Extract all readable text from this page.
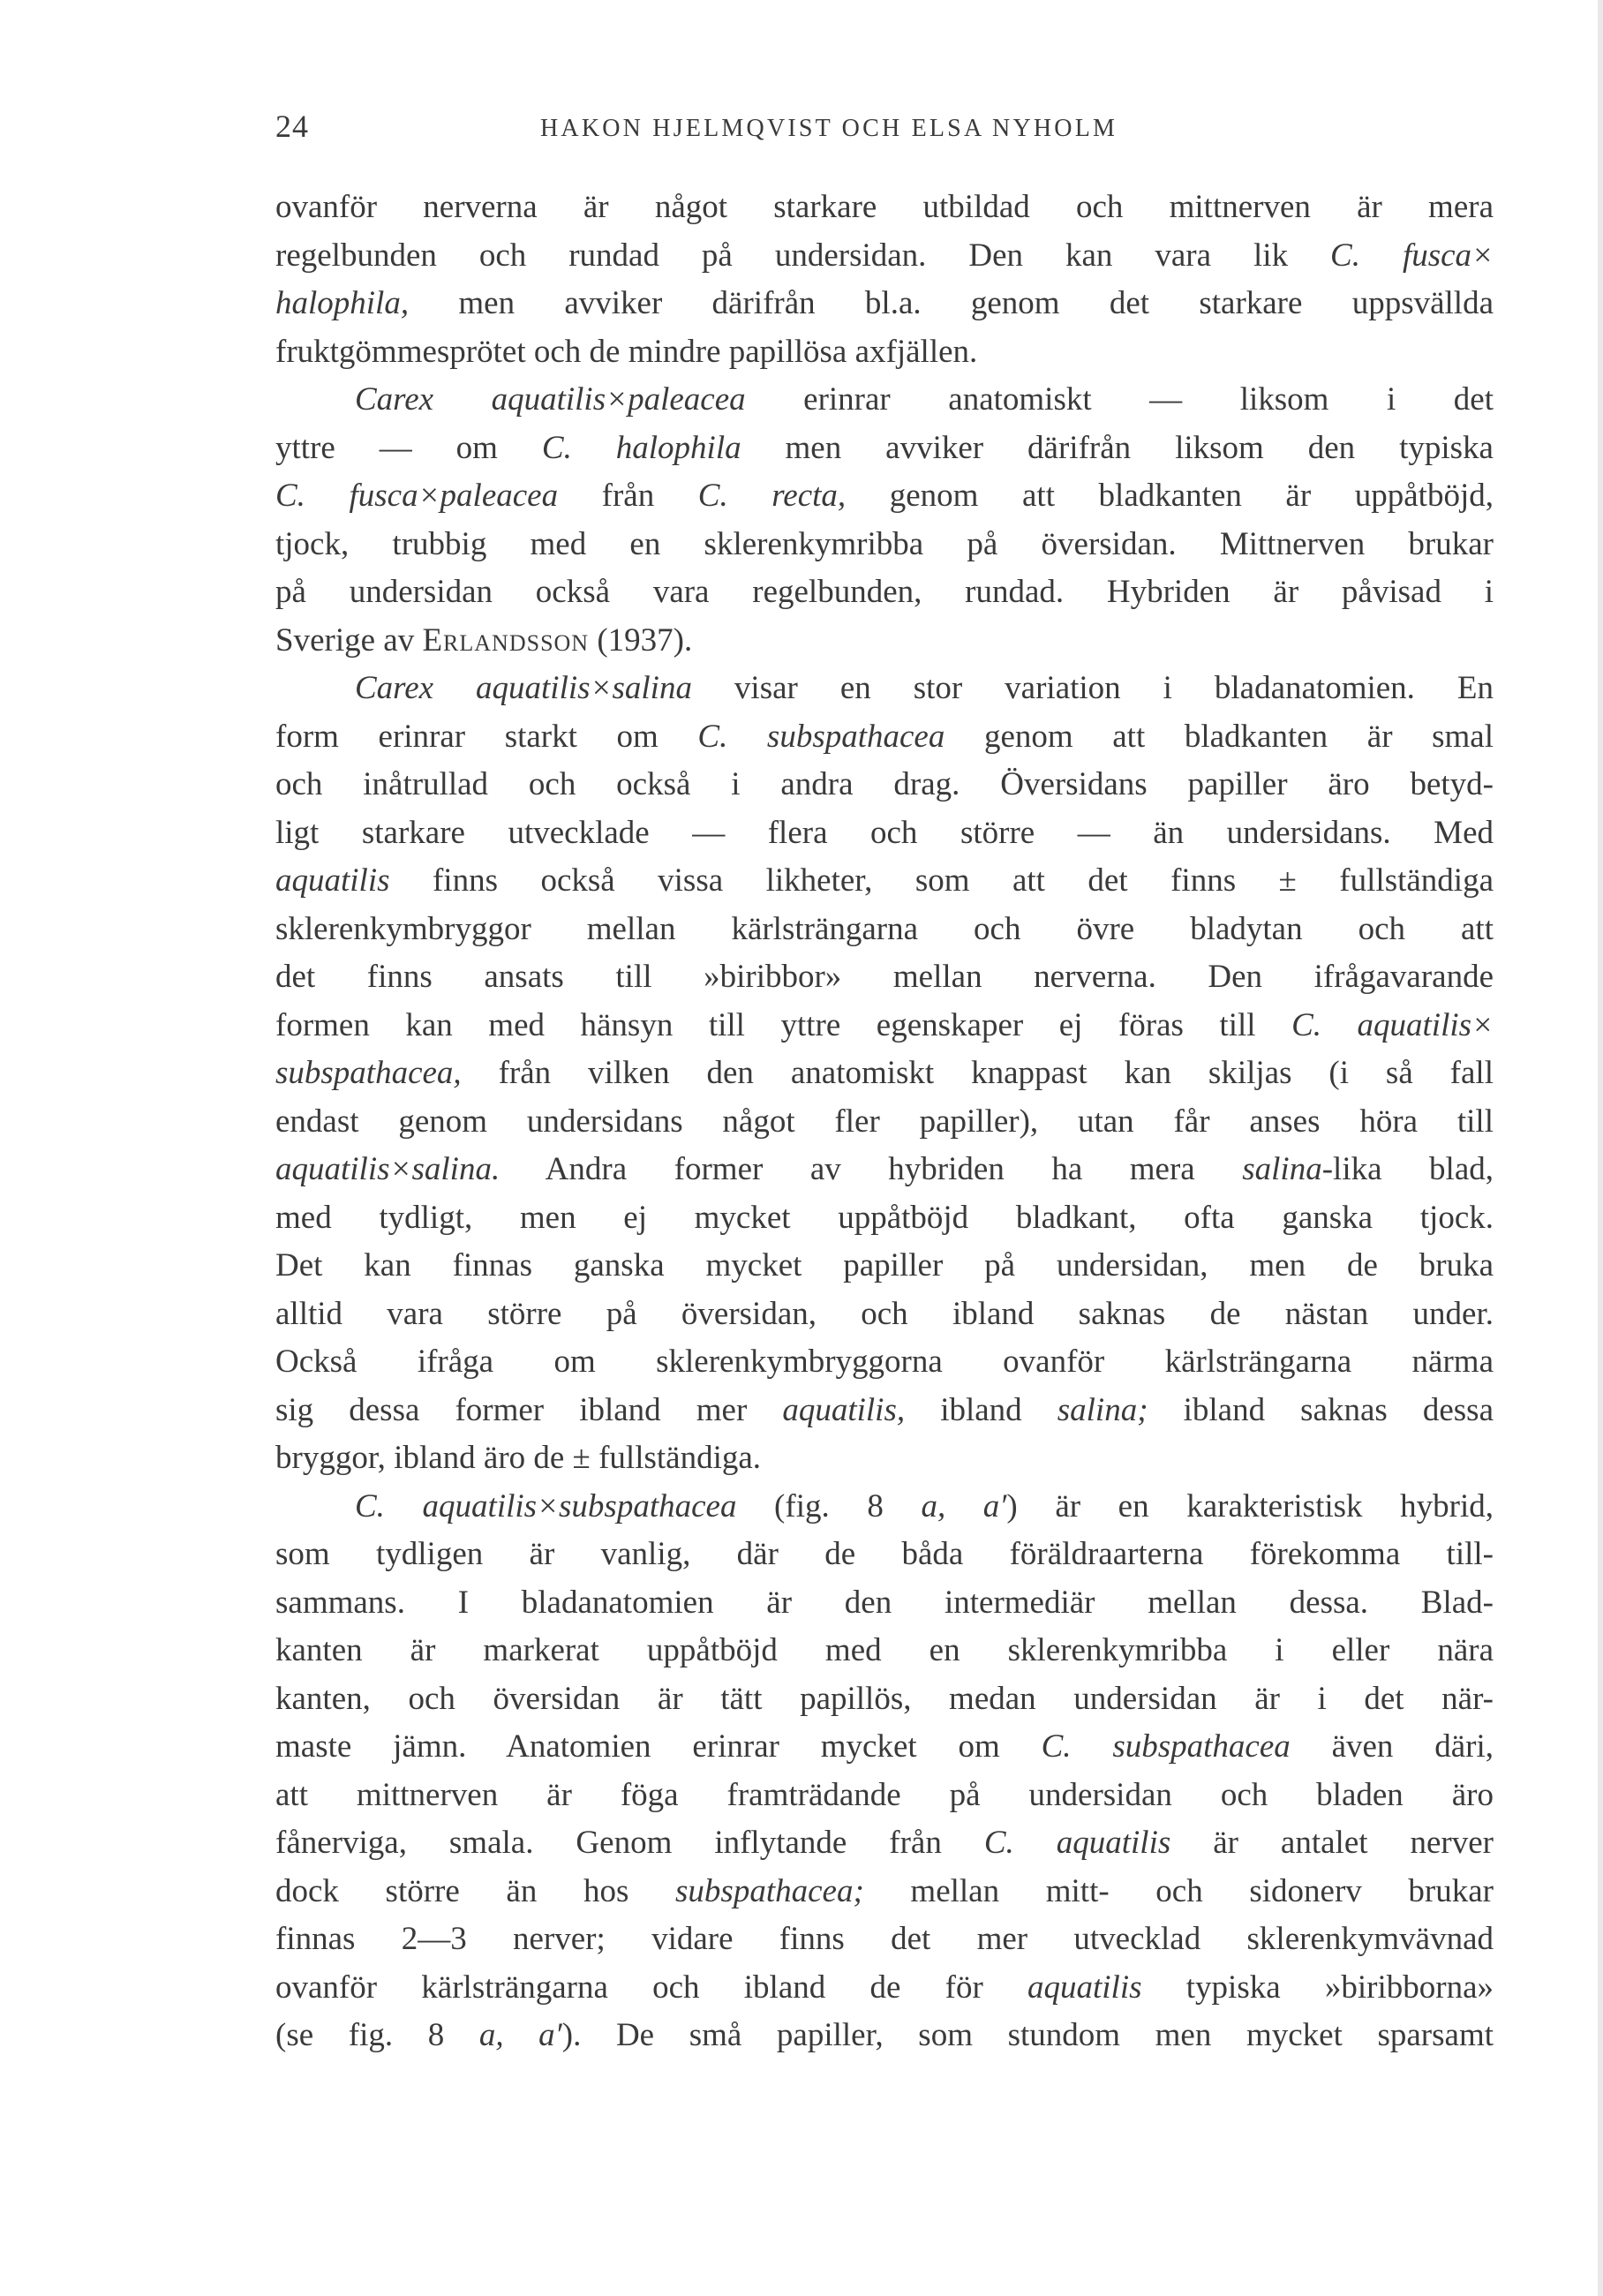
24	HAKON HJELMQVIST OCH ELSA NYHOLM
ovanför nerverna är något starkare utbildad och mittnerven är mera
regelbunden och rundad på undersidan. Den kan vara lik C. fusca×
halophila, men avviker därifrån bl.a. genom det starkare uppsvällda
fruktgömmesprötet och de mindre papillösa axfjällen.
Carex aquatilis×paleacea erinrar anatomiskt — liksom i det
yttre — om C. halophila men avviker därifrån liksom den typiska
C. fusca×paleacea från C. recta, genom att bladkanten är uppåtböjd,
tjock, trubbig med en sklerenkymribba på översidan. Mittnerven brukar
på undersidan också vara regelbunden, rundad. Hybriden är påvisad i
Sverige av Erlandsson (1937).
Carex aquatilis×salina visar en stor variation i bladanatomien. En
form erinrar starkt om C. subspathacea genom att bladkanten är smal
och inåtrullad och också i andra drag. Översidans papiller äro betyd-
ligt starkare utvecklade — flera och större — än undersidans. Med
aquatilis finns också vissa likheter, som att det finns ± fullständiga
sklerenkymbryggor mellan kärlsträngarna och övre bladytan och att
det finns ansats till »biribbor» mellan nerverna. Den ifrågavarande
formen kan med hänsyn till yttre egenskaper ej föras till C. aquatilis×
subspathacea, från vilken den anatomiskt knappast kan skiljas (i så fall
endast genom undersidans något fler papiller), utan får anses höra till
aquatilis×salina. Andra former av hybriden ha mera salina-lika blad,
med tydligt, men ej mycket uppåtböjd bladkant, ofta ganska tjock.
Det kan finnas ganska mycket papiller på undersidan, men de bruka
alltid vara större på översidan, och ibland saknas de nästan under.
Också ifråga om sklerenkymbryggorna ovanför kärlsträngarna närma
sig dessa former ibland mer aquatilis, ibland salina; ibland saknas dessa
bryggor, ibland äro de ± fullständiga.
C. aquatilis×subspathacea (fig. 8 a, a′) är en karakteristisk hybrid,
som tydligen är vanlig, där de båda föräldraarterna förekomma till-
sammans. I bladanatomien är den intermediär mellan dessa. Blad-
kanten är markerat uppåtböjd med en sklerenkymribba i eller nära
kanten, och översidan är tätt papillös, medan undersidan är i det när-
maste jämn. Anatomien erinrar mycket om C. subspathacea även däri,
att mittnerven är föga framträdande på undersidan och bladen äro
fånerviga, smala. Genom inflytande från C. aquatilis är antalet nerver
dock större än hos subspathacea; mellan mitt- och sidonerv brukar
finnas 2—3 nerver; vidare finns det mer utvecklad sklerenkymvävnad
ovanför kärlsträngarna och ibland de för aquatilis typiska »biribborna»
(se fig. 8 a, a′). De små papiller, som stundom men mycket sparsamt
